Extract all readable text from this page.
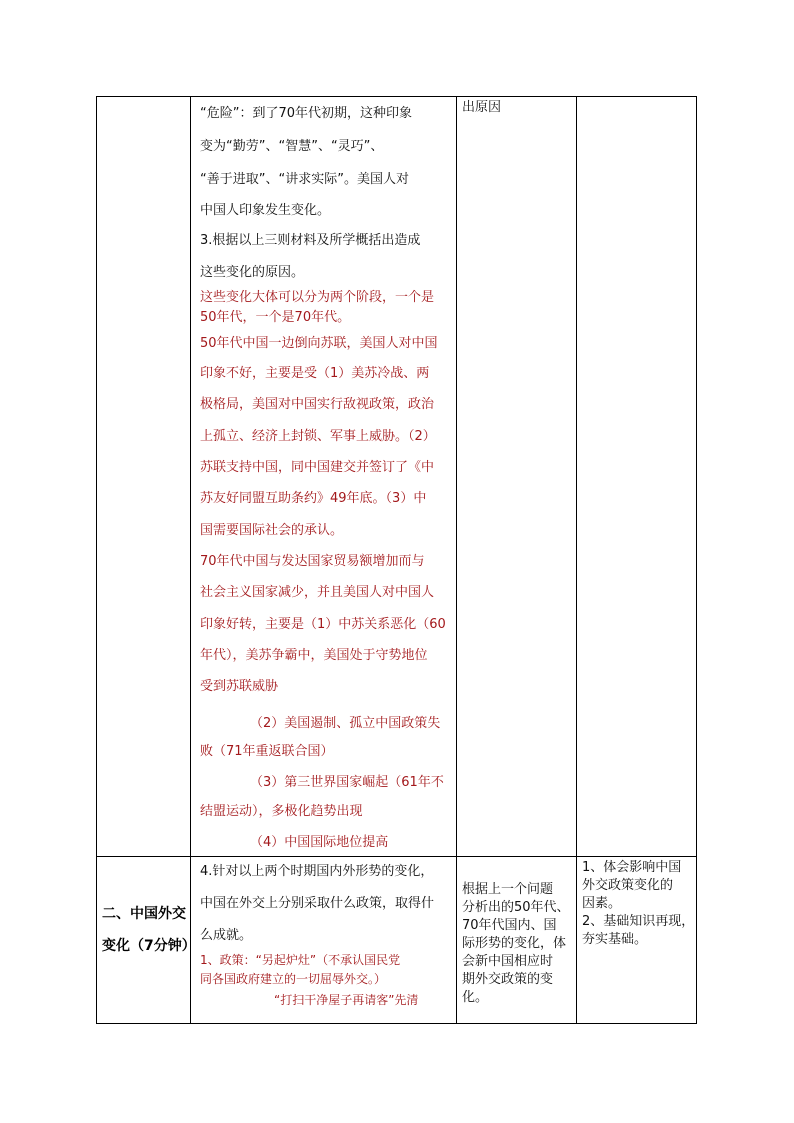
“危险”：到了70年代初期，这种印象
变为“勤劳”、“智慧”、“灵巧”、
“善于进取”、“讲求实际”。美国人对
中国人印象发生变化。
3.根据以上三则材料及所学概括出造成
这些变化的原因。
这些变化大体可以分为两个阶段，一个是
50年代，一个是70年代。
50年代中国一边倒向苏联，美国人对中国
印象不好，主要是受（1）美苏冷战、两
极格局，美国对中国实行敌视政策，政治
上孤立、经济上封锁、军事上威胁。（2）
苏联支持中国，同中国建交并签订了《中
苏友好同盟互助条约》49年底。（3）中
国需要国际社会的承认。
70年代中国与发达国家贸易额增加而与
社会主义国家减少，并且美国人对中国人
印象好转，主要是（1）中苏关系恶化（60
年代），美苏争霸中，美国处于守势地位
受到苏联威胁
（2）美国遏制、孤立中国政策失
败（71年重返联合国）
（3）第三世界国家崛起（61年不
结盟运动），多极化趋势出现
（4）中国国际地位提高
出原因
二、中国外交
变化（7分钟）
4.针对以上两个时期国内外形势的变化，
中国在外交上分别采取什么政策，取得什
么成就。
1、政策：“另起炉灶”（不承认国民党
同各国政府建立的一切屈辱外交。）
“打扫干净屋子再请客”先清
根据上一个问题
分析出的50年代、
70年代国内、国
际形势的变化，体
会新中国相应时
期外交政策的变
化。
1、体会影响中国
外交政策变化的
因素。
2、基础知识再现，
夯实基础。
